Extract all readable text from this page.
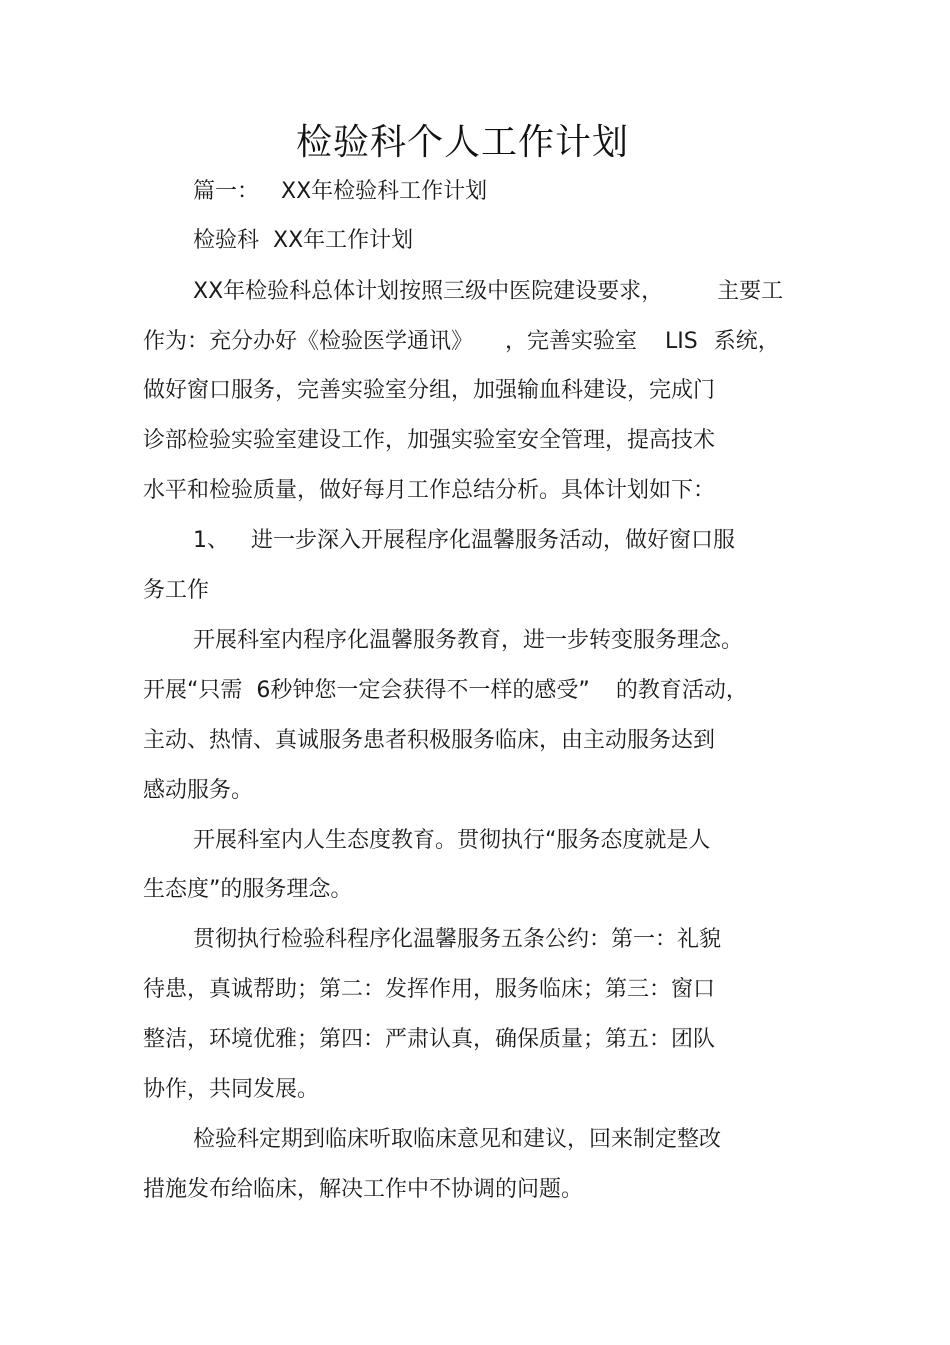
检验科个人工作计划
篇一： XX年检验科工作计划
检验科 XX年工作计划
XX年检验科总体计划按照三级中医院建设要求， 主要工
作为：充分办好《检验医学通讯》 ，完善实验室 LIS 系统，
做好窗口服务，完善实验室分组，加强输血科建设，完成门
诊部检验实验室建设工作，加强实验室安全管理，提高技术
水平和检验质量，做好每月工作总结分析。具体计划如下：
1、 进一步深入开展程序化温馨服务活动，做好窗口服
务工作
开展科室内程序化温馨服务教育，进一步转变服务理念。
开展“只需 6秒钟您一定会获得不一样的感受” 的教育活动，
主动、热情、真诚服务患者积极服务临床，由主动服务达到
感动服务。
开展科室内人生态度教育。贯彻执行“服务态度就是人
生态度”的服务理念。
贯彻执行检验科程序化温馨服务五条公约：第一：礼貌
待患，真诚帮助；第二：发挥作用，服务临床；第三：窗口
整洁，环境优雅；第四：严肃认真，确保质量；第五：团队
协作，共同发展。
检验科定期到临床听取临床意见和建议，回来制定整改
措施发布给临床，解决工作中不协调的问题。
